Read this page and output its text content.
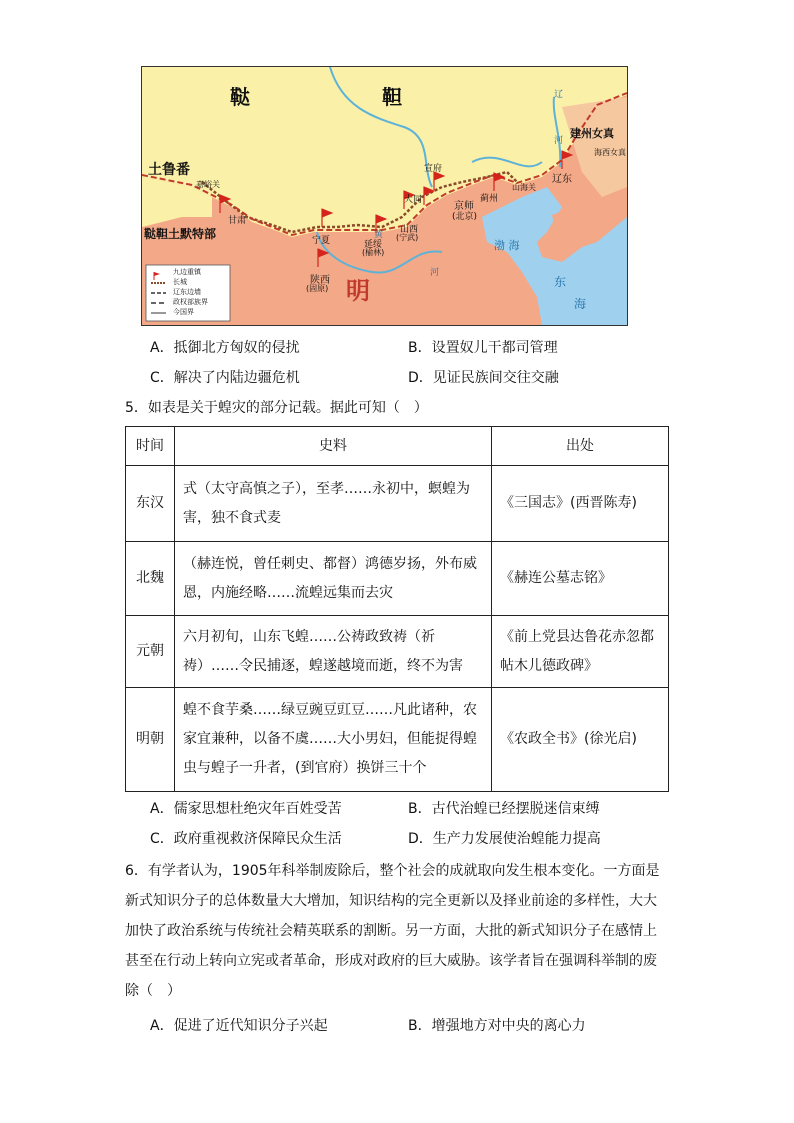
鞑	靼
土鲁番
嘉峪关
甘肃
鞑靼土默特部	宁夏	延绥
(榆林)
山西
(宁武)
大同
宣府
京师
(北京)
蓟州
山海关
辽东
建州女真
海西女真
陕西
(固原) 明
渤 海
东
海
黄
河
辽
河
九边重镇
长城
辽东边墙
政权部族界
今国界
A．抵御北方匈奴的侵扰	B．设置奴儿干都司管理
C．解决了内陆边疆危机	D．见证民族间交往交融
5．如表是关于蝗灾的部分记载。据此可知（　）
时间	史料	出处
东汉	式（太守高慎之子），至孝……永初中，螟蝗为害，独不食式麦	《三国志》(西晋陈寿)
北魏	（赫连悦，曾任刺史、都督）鸿德岁扬，外布威恩，内施经略……流蝗远集而去灾	《赫连公墓志铭》
元朝	六月初旬，山东飞蝗……公祷政致祷（祈祷）……令民捕逐，蝗遂越境而逝，终不为害	《前上党县达鲁花赤忽都帖木儿德政碑》
明朝	蝗不食芋桑……绿豆豌豆豇豆……凡此诸种，农家宜兼种，以备不虞……大小男妇，但能捉得蝗虫与蝗子一升者，(到官府）换饼三十个	《农政全书》(徐光启)
A．儒家思想杜绝灾年百姓受苦	B．古代治蝗已经摆脱迷信束缚
C．政府重视救济保障民众生活	D．生产力发展使治蝗能力提高
6．有学者认为，1905年科举制废除后，整个社会的成就取向发生根本变化。一方面是新式知识分子的总体数量大大增加，知识结构的完全更新以及择业前途的多样性，大大加快了政治系统与传统社会精英联系的割断。另一方面，大批的新式知识分子在感情上甚至在行动上转向立宪或者革命，形成对政府的巨大威胁。该学者旨在强调科举制的废除（　）
A．促进了近代知识分子兴起	B．增强地方对中央的离心力
